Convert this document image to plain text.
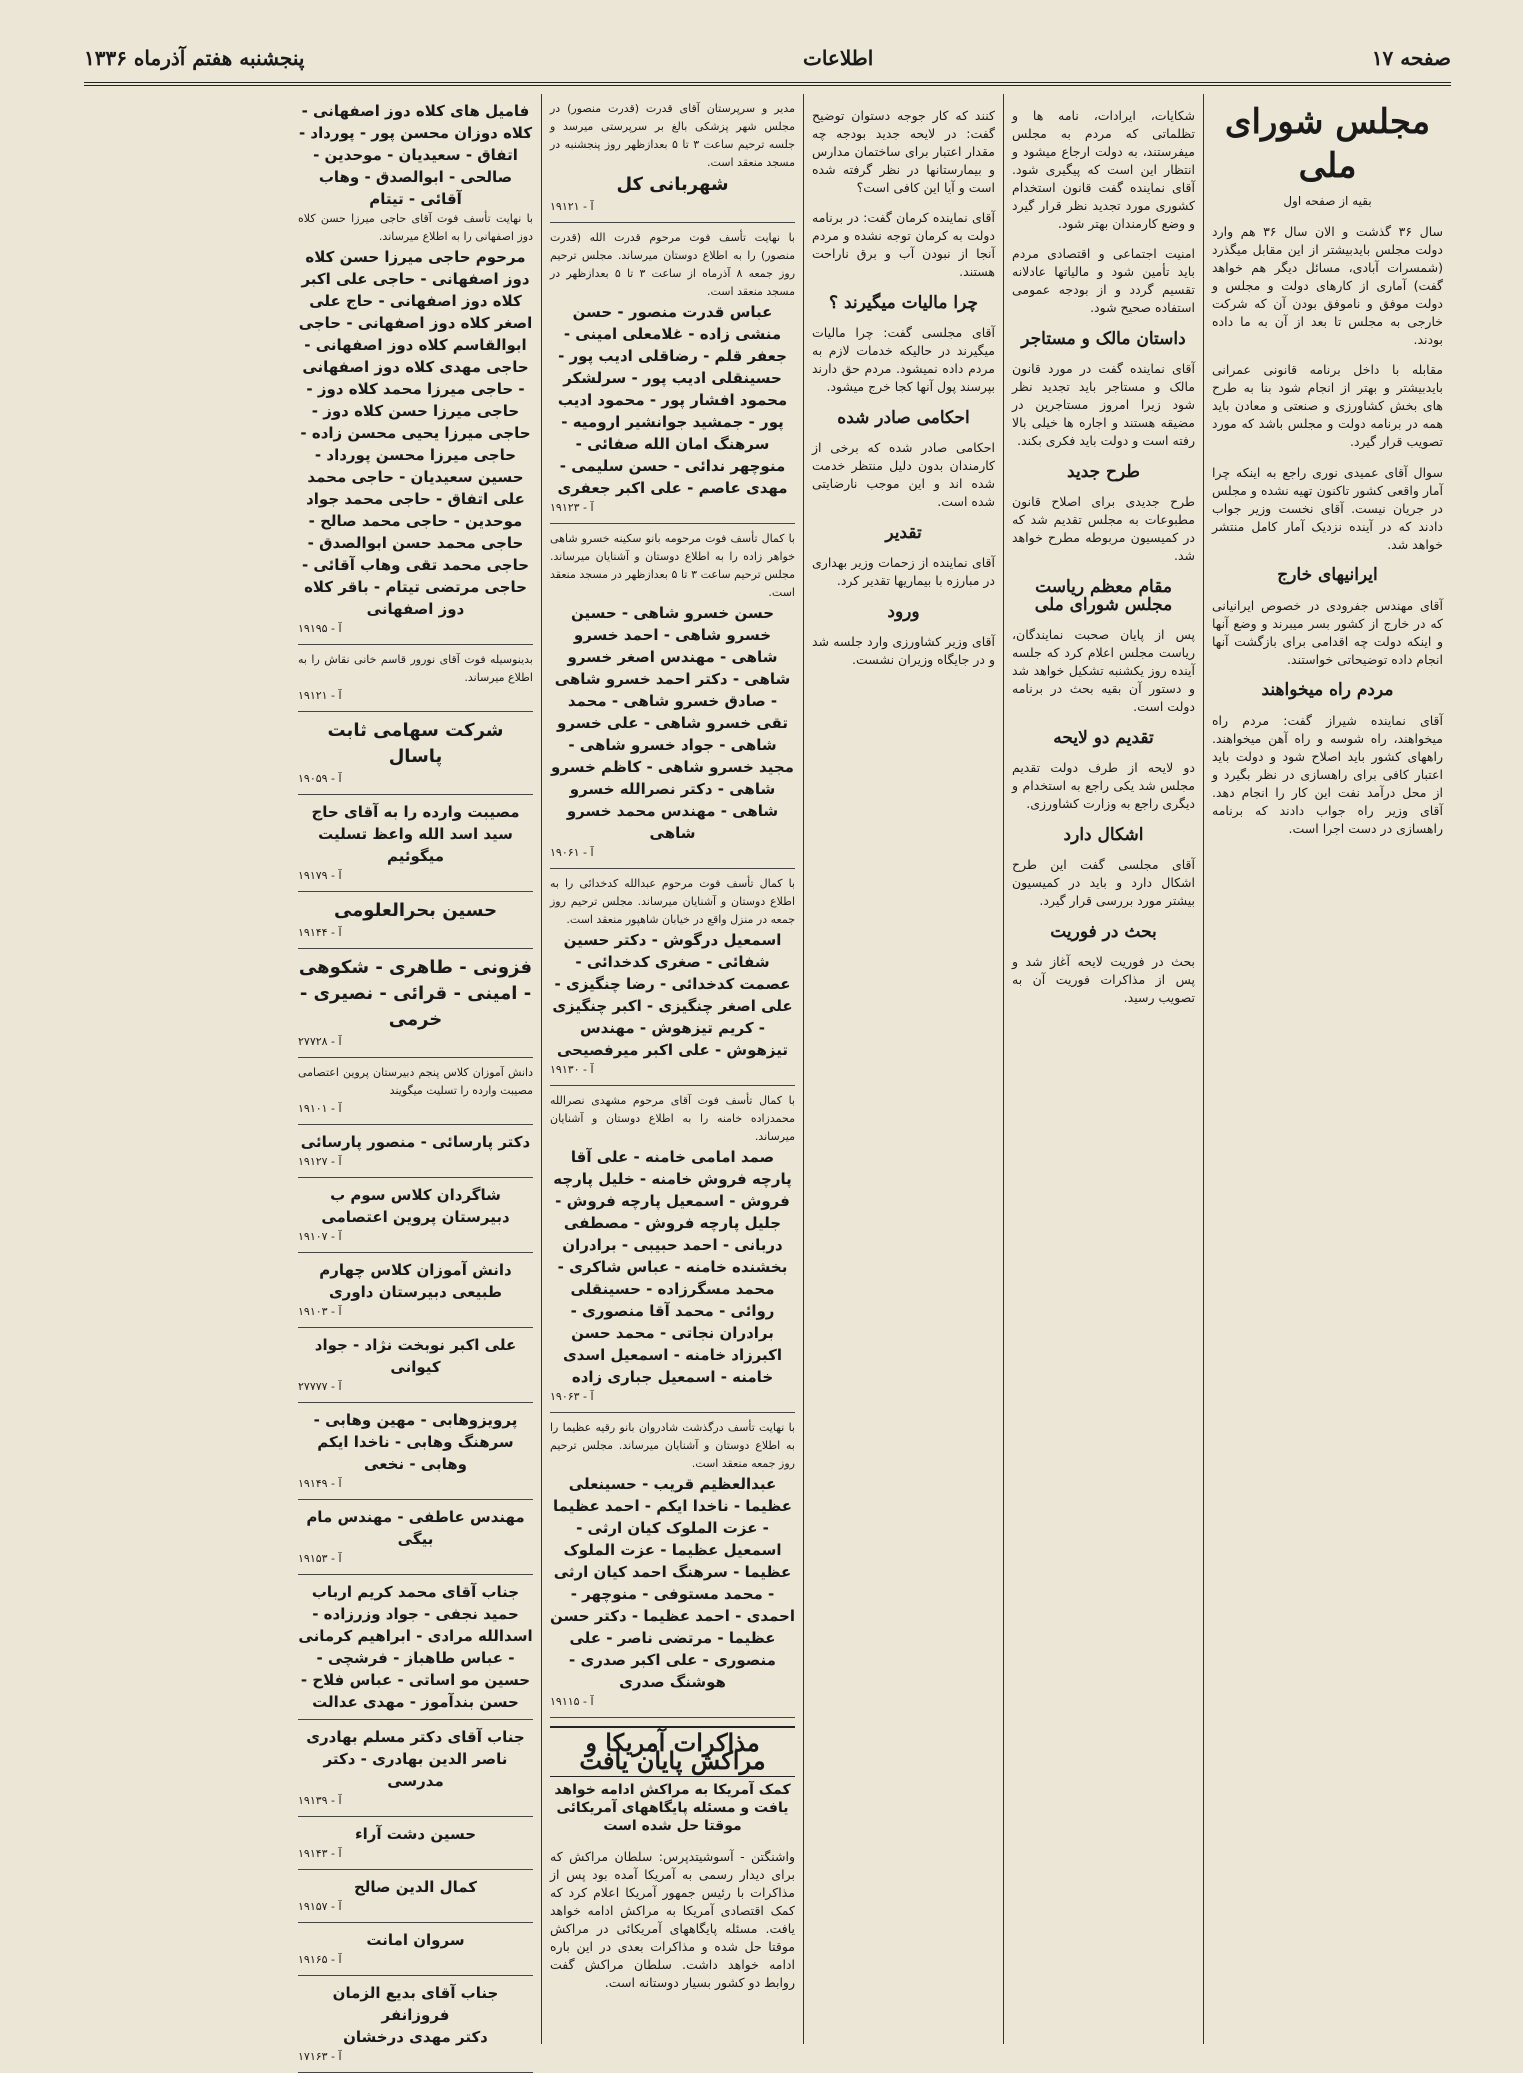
صفحه ۱۷
اطلاعات
پنجشنبه هفتم آذرماه ۱۳۳۶
مجلس شورای ملی
بقیه از صفحه اول

سال ۳۶ گذشت و الان سال ۳۶ هم وارد دولت مجلس بایدبیشتر از این مقابل میگذرد (شمسرات آبادی، مسائل دیگر هم خواهد گفت) آماری از کارهای دولت و مجلس و دولت موفق و ناموفق بودن آن که شرکت خارجی به مجلس تا بعد از آن به ما داده بودند.

مقابله با داخل برنامه قانونی عمرانی بایدبیشتر و بهتر از انجام شود بنا به طرح های بخش کشاورزی و صنعتی و معادن باید همه در برنامه دولت و مجلس باشد که مورد تصویب قرار گیرد.

سوال آقای عمیدی نوری راجع به اینکه چرا آمار واقعی کشور تاکنون تهیه نشده و مجلس در جریان نیست. آقای نخست وزیر جواب دادند که در آینده نزدیک آمار کامل منتشر خواهد شد.

ایرانیهای خارج

آقای مهندس جفرودی در خصوص ایرانیانی که در خارج از کشور بسر میبرند و وضع آنها و اینکه دولت چه اقدامی برای بازگشت آنها انجام داده توضیحاتی خواستند.

مردم راه میخواهند

آقای نماینده شیراز گفت: مردم راه میخواهند، راه شوسه و راه آهن میخواهند. راههای کشور باید اصلاح شود و دولت باید اعتبار کافی برای راهسازی در نظر بگیرد و از محل درآمد نفت این کار را انجام دهد. آقای وزیر راه جواب دادند که برنامه راهسازی در دست اجرا است.

شکایات، ایرادات، نامه ها و تظلماتی که مردم به مجلس میفرستند، به دولت ارجاع میشود و انتظار این است که پیگیری شود. آقای نماینده گفت قانون استخدام کشوری مورد تجدید نظر قرار گیرد و وضع کارمندان بهتر شود.

امنیت اجتماعی و اقتصادی مردم باید تأمین شود و مالیاتها عادلانه تقسیم گردد و از بودجه عمومی استفاده صحیح شود.

داستان مالک و مستاجر

آقای نماینده گفت در مورد قانون مالک و مستاجر باید تجدید نظر شود زیرا امروز مستاجرین در مضیقه هستند و اجاره ها خیلی بالا رفته است و دولت باید فکری بکند.

طرح جدید

طرح جدیدی برای اصلاح قانون مطبوعات به مجلس تقدیم شد که در کمیسیون مربوطه مطرح خواهد شد.

مقام معظم ریاست مجلس شورای ملی

پس از پایان صحبت نمایندگان، ریاست مجلس اعلام کرد که جلسه آینده روز یکشنبه تشکیل خواهد شد و دستور آن بقیه بحث در برنامه دولت است.

تقدیم دو لایحه

دو لایحه از طرف دولت تقدیم مجلس شد یکی راجع به استخدام و دیگری راجع به وزارت کشاورزی.

اشکال دارد

آقای مجلسی گفت این طرح اشکال دارد و باید در کمیسیون بیشتر مورد بررسی قرار گیرد.

بحث در فوریت

بحث در فوریت لایحه آغاز شد و پس از مذاکرات فوریت آن به تصویب رسید.

کنند که کار جوجه دستوان توضیح گفت: در لایحه جدید بودجه چه مقدار اعتبار برای ساختمان مدارس و بیمارستانها در نظر گرفته شده است و آیا این کافی است؟

آقای نماینده کرمان گفت: در برنامه دولت به کرمان توجه نشده و مردم آنجا از نبودن آب و برق ناراحت هستند.

چرا مالیات میگیرند ؟

آقای مجلسی گفت: چرا مالیات میگیرند در حالیکه خدمات لازم به مردم داده نمیشود. مردم حق دارند بپرسند پول آنها کجا خرج میشود.

احکامی صادر شده

احکامی صادر شده که برخی از کارمندان بدون دلیل منتظر خدمت شده اند و این موجب نارضایتی شده است.

تقدیر

آقای نماینده از زحمات وزیر بهداری در مبارزه با بیماریها تقدیر کرد.

ورود

آقای وزیر کشاورزی وارد جلسه شد و در جایگاه وزیران نشست.

مدیر و سرپرستان آقای قدرت (قدرت منصور) در مجلس شهر پزشکی بالغ بر سرپرستی میرسد و جلسه ترحیم ساعت ۳ تا ۵ بعدازظهر روز پنجشنبه در مسجد منعقد است.
شهربانی کل
آ - ۱۹۱۲۱
با نهایت تأسف فوت مرحوم قدرت الله (قدرت منصور) را به اطلاع دوستان میرساند. مجلس ترحیم روز جمعه ۸ آذرماه از ساعت ۳ تا ۵ بعدازظهر در مسجد منعقد است.
عباس قدرت منصور - حسن منشی زاده - غلامعلی امینی - جعفر قلم - رضاقلی ادیب پور - حسینقلی ادیب پور - سرلشکر محمود افشار پور - محمود ادیب پور - جمشید جوانشیر ارومیه - سرهنگ امان الله صفائی - منوچهر ندائی - حسن سلیمی - مهدی عاصم - علی اکبر جعفری
آ - ۱۹۱۲۳
با کمال تأسف فوت مرحومه بانو سکینه خسرو شاهی خواهر زاده را به اطلاع دوستان و آشنایان میرساند. مجلس ترحیم ساعت ۳ تا ۵ بعدازظهر در مسجد منعقد است.
حسن خسرو شاهی - حسین خسرو شاهی - احمد خسرو شاهی - مهندس اصغر خسرو شاهی - دکتر احمد خسرو شاهی - صادق خسرو شاهی - محمد تقی خسرو شاهی - علی خسرو شاهی - جواد خسرو شاهی - مجید خسرو شاهی - کاظم خسرو شاهی - دکتر نصرالله خسرو شاهی - مهندس محمد خسرو شاهی
آ - ۱۹۰۶۱
با کمال تأسف فوت مرحوم عبدالله کدخدائی را به اطلاع دوستان و آشنایان میرساند. مجلس ترحیم روز جمعه در منزل واقع در خیابان شاهپور منعقد است.
اسمعیل درگوش - دکتر حسین شفائی - صغری کدخدائی - عصمت کدخدائی - رضا چنگیزی - علی اصغر چنگیزی - اکبر چنگیزی - کریم تیزهوش - مهندس تیزهوش - علی اکبر میرفصیحی
آ - ۱۹۱۳۰
با کمال تأسف فوت آقای مرحوم مشهدی نصرالله محمدزاده خامنه را به اطلاع دوستان و آشنایان میرساند.
صمد امامی خامنه - علی آقا پارچه فروش خامنه - خلیل پارچه فروش - اسمعیل پارچه فروش - جلیل پارچه فروش - مصطفی دربانی - احمد حبیبی - برادران بخشنده خامنه - عباس شاکری - محمد مسگرزاده - حسینقلی روائی - محمد آقا منصوری - برادران نجاتی - محمد حسن اکبرزاد خامنه - اسمعیل اسدی خامنه - اسمعیل جباری زاده
آ - ۱۹۰۶۳
با نهایت تأسف درگذشت شادروان بانو رقیه عظیما را به اطلاع دوستان و آشنایان میرساند. مجلس ترحیم روز جمعه منعقد است.
عبدالعظیم قریب - حسینعلی عظیما - ناخدا ایکم - احمد عظیما - عزت الملوک کیان ارثی - اسمعیل عظیما - عزت الملوک عظیما - سرهنگ احمد کیان ارثی - محمد مستوفی - منوچهر - احمدی - احمد عظیما - دکتر حسن عظیما - مرتضی ناصر - علی منصوری - علی اکبر صدری - هوشنگ صدری
آ - ۱۹۱۱۵
مذاکرات آمریکا و مراکش پایان یافت
کمک آمریکا به مراکش ادامه خواهد یافت و مسئله پایگاههای آمریکائی موقتا حل شده است

واشنگتن - آسوشیتدپرس: سلطان مراکش که برای دیدار رسمی به آمریکا آمده بود پس از مذاکرات با رئیس جمهور آمریکا اعلام کرد که کمک اقتصادی آمریکا به مراکش ادامه خواهد یافت. مسئله پایگاههای آمریکائی در مراکش موقتا حل شده و مذاکرات بعدی در این باره ادامه خواهد داشت. سلطان مراکش گفت روابط دو کشور بسیار دوستانه است.

فامیل های کلاه دوز اصفهانی - کلاه دوزان محسن پور - پورداد - اتفاق - سعیدیان - موحدین - صالحی - ابوالصدق - وهاب آقائی - تیتام
با نهایت تأسف فوت آقای حاجی میرزا حسن کلاه دوز اصفهانی را به اطلاع میرساند.
مرحوم حاجی میرزا حسن کلاه دوز اصفهانی - حاجی علی اکبر کلاه دوز اصفهانی - حاج علی اصغر کلاه دوز اصفهانی - حاجی ابوالقاسم کلاه دوز اصفهانی - حاجی مهدی کلاه دوز اصفهانی - حاجی میرزا محمد کلاه دوز - حاجی میرزا حسن کلاه دوز - حاجی میرزا یحیی محسن زاده - حاجی میرزا محسن پورداد - حسین سعیدیان - حاجی محمد علی اتفاق - حاجی محمد جواد موحدین - حاجی محمد صالح - حاجی محمد حسن ابوالصدق - حاجی محمد تقی وهاب آقائی - حاجی مرتضی تیتام - باقر کلاه دوز اصفهانی
آ - ۱۹۱۹۵
بدینوسیله فوت آقای نورور قاسم خانی نقاش را به اطلاع میرساند.
آ - ۱۹۱۲۱
شرکت سهامی ثابت پاسال
آ - ۱۹۰۵۹
مصیبت وارده را به آقای حاج سید اسد الله واعظ تسلیت میگوئیم
آ - ۱۹۱۷۹
حسین بحرالعلومی
آ - ۱۹۱۴۴
فزونی - طاهری - شکوهی - امینی - قرائی - نصیری - خرمی
آ - ۲۷۷۲۸
دانش آموزان کلاس پنجم دبیرستان پروین اعتصامی مصیبت وارده را تسلیت میگویند
آ - ۱۹۱۰۱
دکتر پارسائی - منصور پارسائی
آ - ۱۹۱۲۷
شاگردان کلاس سوم ب دبیرستان پروین اعتصامی
آ - ۱۹۱۰۷
دانش آموزان کلاس چهارم طبیعی دبیرستان داوری
آ - ۱۹۱۰۳
علی اکبر نوبخت نژاد - جواد کیوانی
آ - ۲۷۷۷۷
پرویزوهابی - مهین وهابی - سرهنگ وهابی - ناخدا ایکم وهابی - نخعی
آ - ۱۹۱۴۹
مهندس عاطفی - مهندس مام بیگی
آ - ۱۹۱۵۳
جناب آقای محمد کریم ارباب
حمید نجفی - جواد وزرزاده - اسدالله مرادی - ابراهیم کرمانی - عباس طاهباز - فرشچی - حسین مو اساتی - عباس فلاح - حسن بندآموز - مهدی عدالت
جناب آقای دکتر مسلم بهادری
ناصر الدین بهادری - دکتر مدرسی
آ - ۱۹۱۳۹
حسین دشت آراء
آ - ۱۹۱۴۳
کمال الدین صالح
آ - ۱۹۱۵۷
سروان امانت
آ - ۱۹۱۶۵
جناب آقای بدیع الزمان فروزانفر
دکتر مهدی درخشان
آ - ۱۷۱۶۳
